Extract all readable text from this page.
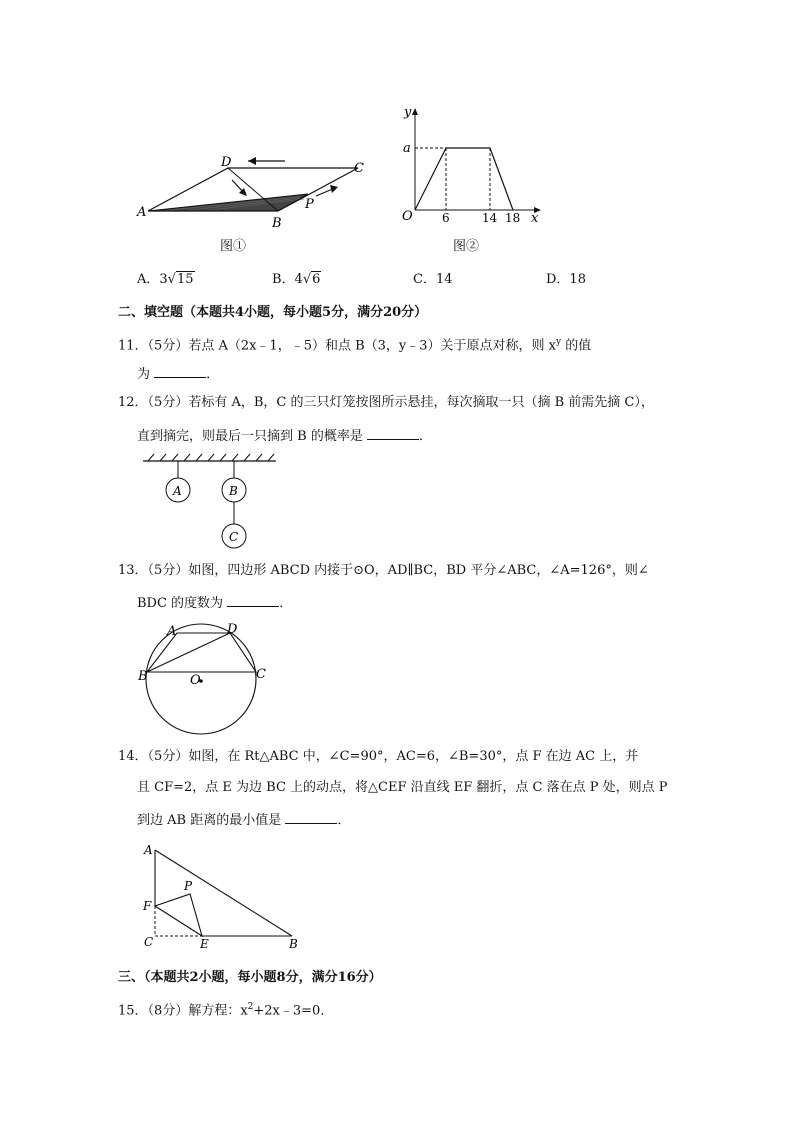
A
D	C
B
P
图①
y
a
O 6	14 18 x
图②
A．3√15	B．4√6	C．14	D．18
二、填空题（本题共4小题，每小题5分，满分20分）
11．（5分）若点 A（2x﹣1，﹣5）和点 B（3，y﹣3）关于原点对称，则 $x^y$ 的值
为	．
12．（5分）若标有 A，B，C 的三只灯笼按图所示悬挂，每次摘取一只（摘 B 前需先摘 C），
直到摘完，则最后一只摘到 B 的概率是	．
A	B
C
13．（5分）如图，四边形 ABCD 内接于⊙O，AD∥BC，BD 平分∠ABC，∠A=126°，则∠
BDC 的度数为	．
A	D
B	C
O
14．（5分）如图，在 Rt△ABC 中，∠C=90°，AC=6，∠B=30°，点 F 在边 AC 上，并
且 CF=2，点 E 为边 BC 上的动点，将△CEF 沿直线 EF 翻折，点 C 落在点 P 处，则点 P
到边 AB 距离的最小值是	．
A
P
F
C	E	B
三、（本题共2小题，每小题8分，满分16分）
15．（8分）解方程：$x^2+2x﹣3=0$．
